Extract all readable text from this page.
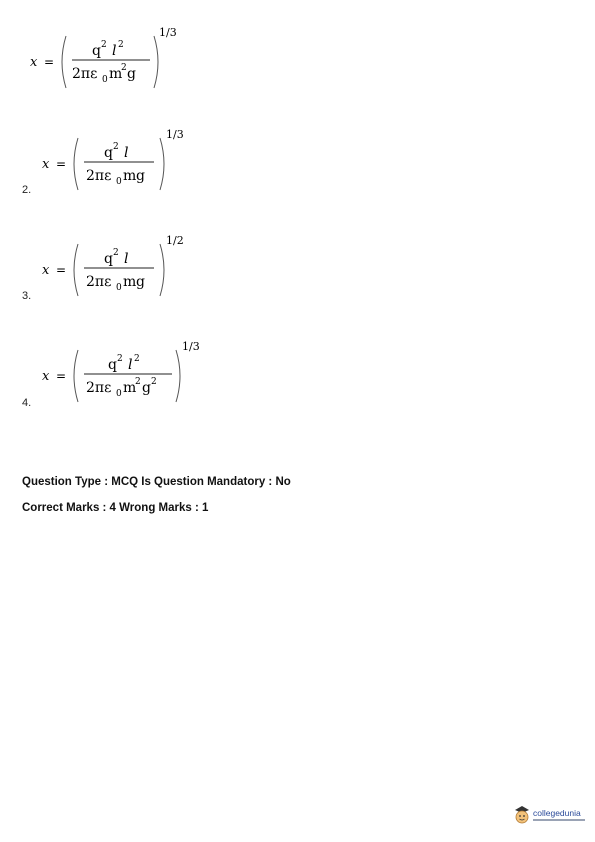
x =
q 2 l 2
2πε 0 m
2 g
1/3
x =
q 2 l
2πε 0 m g
1/3
2.
x =
q 2 l
2πε 0 m g
1/2
3.
x =
q 2 l 2
2πε 0 m
2 g 2
1/3
4.
Question Type : MCQ Is Question Mandatory : No
Correct Marks : 4 Wrong Marks : 1
collegedunia
